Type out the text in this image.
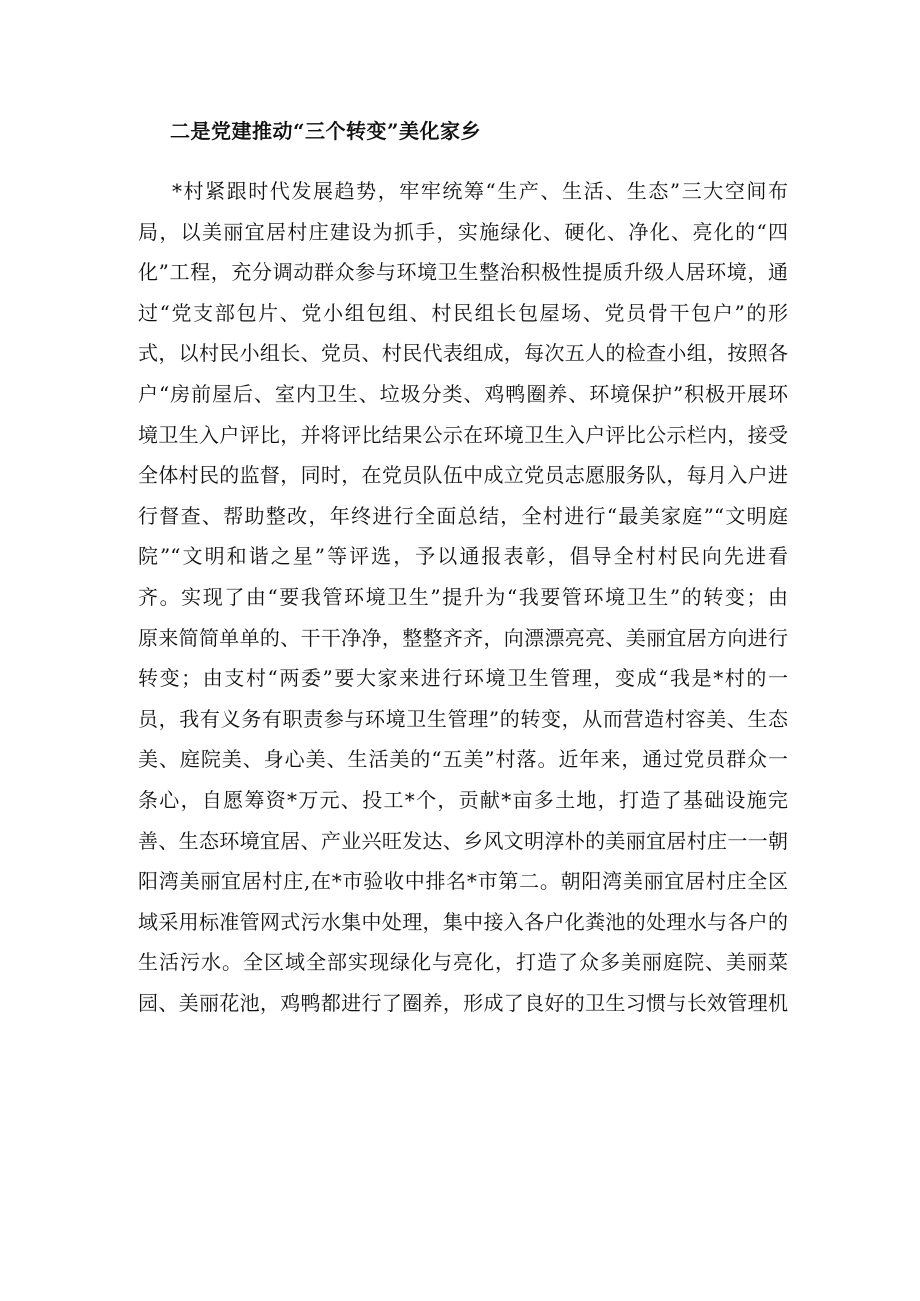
二是党建推动“三个转变”美化家乡
*村紧跟时代发展趋势，牢牢统筹“生产、生活、生态”三大空间布
局，以美丽宜居村庄建设为抓手，实施绿化、硬化、净化、亮化的“四
化”工程，充分调动群众参与环境卫生整治积极性提质升级人居环境，通
过“党支部包片、党小组包组、村民组长包屋场、党员骨干包户”的形
式，以村民小组长、党员、村民代表组成，每次五人的检查小组，按照各
户“房前屋后、室内卫生、垃圾分类、鸡鸭圈养、环境保护”积极开展环
境卫生入户评比，并将评比结果公示在环境卫生入户评比公示栏内，接受
全体村民的监督，同时，在党员队伍中成立党员志愿服务队，每月入户进
行督查、帮助整改，年终进行全面总结，全村进行“最美家庭”“文明庭
院”“文明和谐之星”等评选，予以通报表彰，倡导全村村民向先进看
齐。实现了由“要我管环境卫生”提升为“我要管环境卫生”的转变；由
原来简简单单的、干干净净，整整齐齐，向漂漂亮亮、美丽宜居方向进行
转变；由支村“两委”要大家来进行环境卫生管理，变成“我是*村的一
员，我有义务有职责参与环境卫生管理”的转变，从而营造村容美、生态
美、庭院美、身心美、生活美的“五美”村落。近年来，通过党员群众一
条心，自愿筹资*万元、投工*个，贡献*亩多土地，打造了基础设施完
善、生态环境宜居、产业兴旺发达、乡风文明淳朴的美丽宜居村庄一一朝
阳湾美丽宜居村庄,在*市验收中排名*市第二。朝阳湾美丽宜居村庄全区
域采用标准管网式污水集中处理，集中接入各户化粪池的处理水与各户的
生活污水。全区域全部实现绿化与亮化，打造了众多美丽庭院、美丽菜
园、美丽花池，鸡鸭都进行了圈养，形成了良好的卫生习惯与长效管理机
